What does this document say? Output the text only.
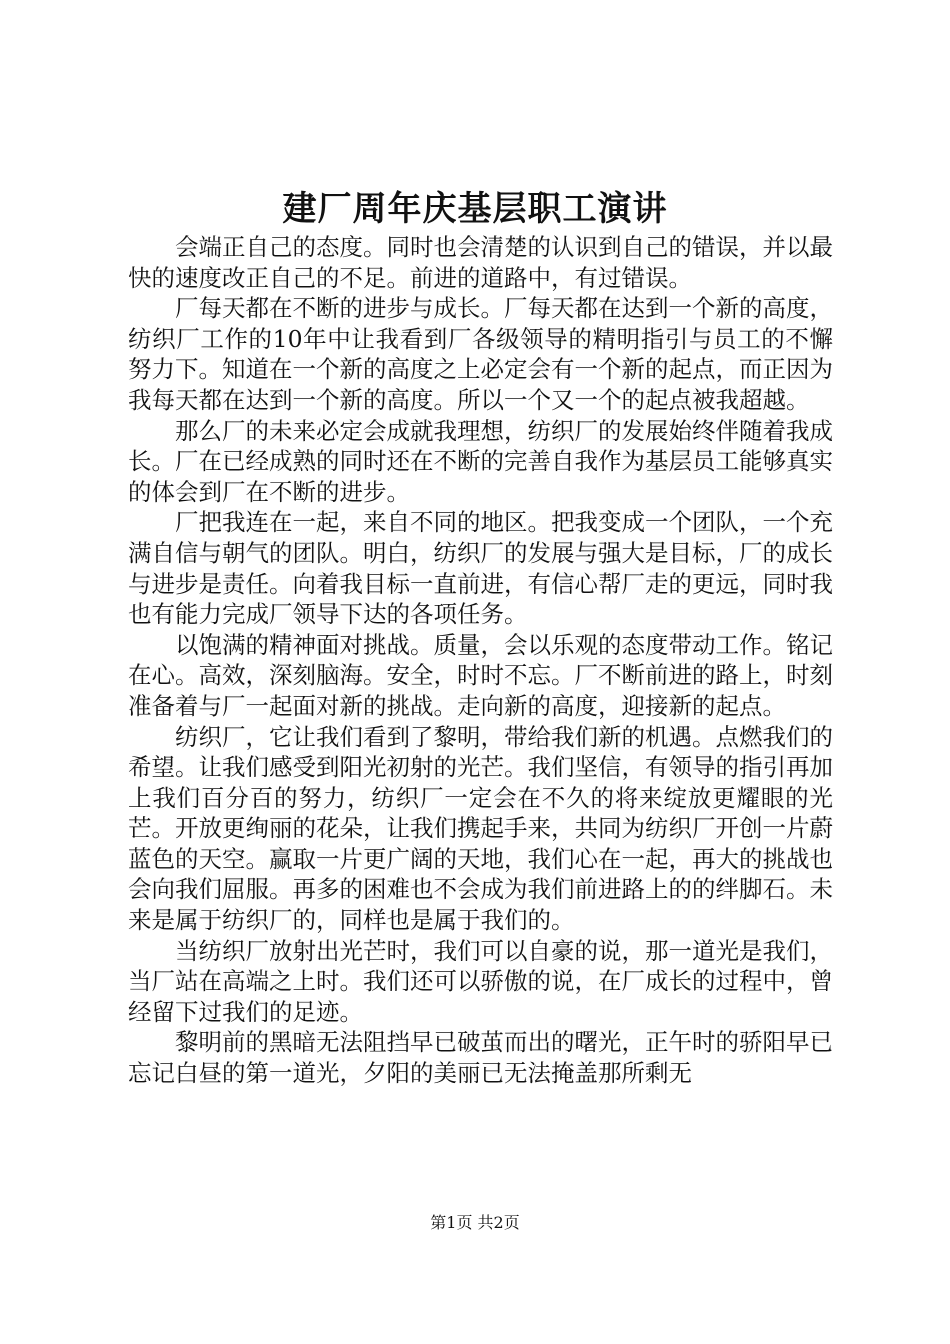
建厂周年庆基层职工演讲

会端正自己的态度。同时也会清楚的认识到自己的错误，并以最快的速度改正自己的不足。前进的道路中，有过错误。

厂每天都在不断的进步与成长。厂每天都在达到一个新的高度，纺织厂工作的10年中让我看到厂各级领导的精明指引与员工的不懈努力下。知道在一个新的高度之上必定会有一个新的起点，而正因为我每天都在达到一个新的高度。所以一个又一个的起点被我超越。

那么厂的未来必定会成就我理想，纺织厂的发展始终伴随着我成长。厂在已经成熟的同时还在不断的完善自我作为基层员工能够真实的体会到厂在不断的进步。

厂把我连在一起，来自不同的地区。把我变成一个团队，一个充满自信与朝气的团队。明白，纺织厂的发展与强大是目标，厂的成长与进步是责任。向着我目标一直前进，有信心帮厂走的更远，同时我也有能力完成厂领导下达的各项任务。

以饱满的精神面对挑战。质量，会以乐观的态度带动工作。铭记在心。高效，深刻脑海。安全，时时不忘。厂不断前进的路上，时刻准备着与厂一起面对新的挑战。走向新的高度，迎接新的起点。

纺织厂，它让我们看到了黎明，带给我们新的机遇。点燃我们的希望。让我们感受到阳光初射的光芒。我们坚信，有领导的指引再加上我们百分百的努力，纺织厂一定会在不久的将来绽放更耀眼的光芒。开放更绚丽的花朵，让我们携起手来，共同为纺织厂开创一片蔚蓝色的天空。赢取一片更广阔的天地，我们心在一起，再大的挑战也会向我们屈服。再多的困难也不会成为我们前进路上的的绊脚石。未来是属于纺织厂的，同样也是属于我们的。

当纺织厂放射出光芒时，我们可以自豪的说，那一道光是我们，当厂站在高端之上时。我们还可以骄傲的说，在厂成长的过程中，曾经留下过我们的足迹。

黎明前的黑暗无法阻挡早已破茧而出的曙光，正午时的骄阳早已忘记白昼的第一道光，夕阳的美丽已无法掩盖那所剩无

第1页 共2页
